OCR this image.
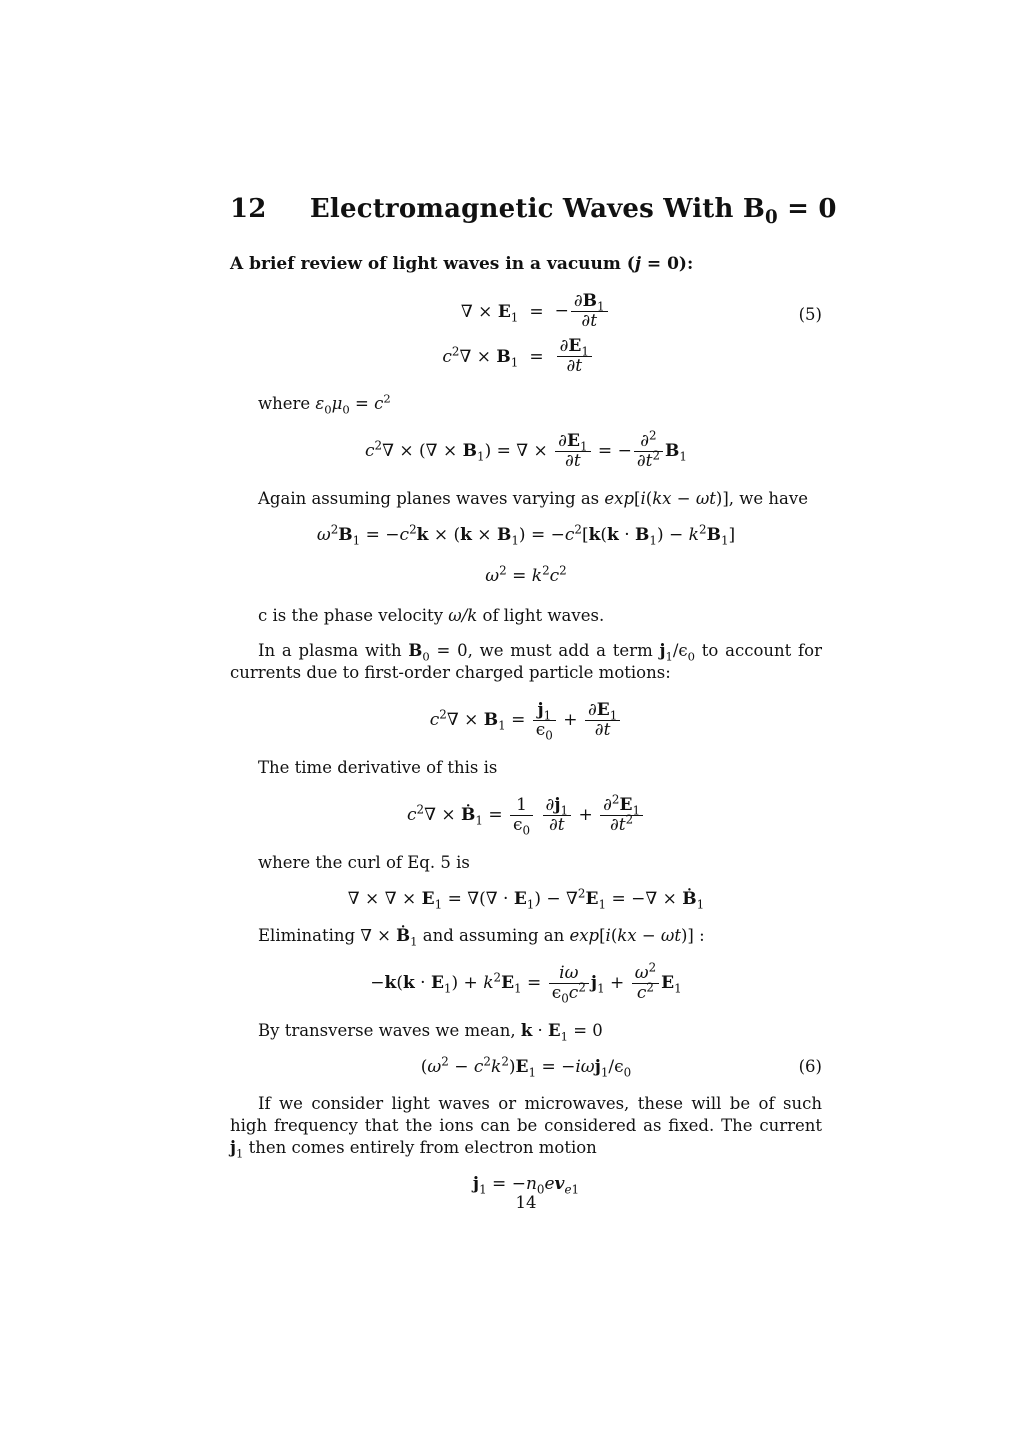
12 Electromagnetic Waves With $B_0 = 0$

A brief review of light waves in a vacuum (j = 0):

∇ × $E_1$	=	− $\frac{\partial B_1}{\partial t}$

$c^2\nabla \times B_1$	=	$\frac{\partial E_1}{\partial t}$
(5)

where $\varepsilon_0\mu_0 = c^2$

$c^2\nabla$ × (∇ × $B_1$) = ∇ × $\frac{\partial E_1}{\partial t}$ = − $\frac{\partial^2}{\partial t^2} B_1$

Again assuming planes waves varying as exp[i(kx − ωt)], we have

$\omega^2B_1 = -c^2k \times (k \times B_1) = -c^2[k(k \cdot B_1) - k^2B_1]$
$\omega^2 = k^2c^2$

c is the phase velocity ω/k of light waves.

In a plasma with $B_0 = 0$, we must add a term $j_1/\epsilon_0$ to account for currents due to first-order charged particle motions:

$c^2\nabla \times B_1 = \frac{j_1}{\epsilon_0} + \frac{\partial E_1}{\partial t}$

The time derivative of this is

$c^2\nabla$ × Ḃ$_1$ = $\frac{1}{\epsilon_0}$
$\frac{\partial j_1}{\partial t} + \frac{\partial^2E_1}{\partial t^2}$

where the curl of Eq. 5 is

∇ × ∇ × $E_1$ = ∇(∇ · $E_1) - \nabla^2E_1$ = −∇ × Ḃ$_1$

Eliminating ∇ × Ḃ$_1$ and assuming an exp[i(kx − ωt)] :

$-k(k \cdot E_1) + k^2E_1 = \frac{i\omega}{\epsilon_0c^2} j_1 + \frac{\omega^2}{c^2} E_1$

By transverse waves we mean, $k \cdot E_1 = 0$

$(\omega^2 - c^2k^2)E_1 = -i\omega j_1/\epsilon_0$	(6)

If we consider light waves or microwaves, these will be of such high frequency that the ions can be considered as fixed. The current $j_1$ then comes entirely from electron motion

$j_1 = -n_0ev_{e1}$
14
